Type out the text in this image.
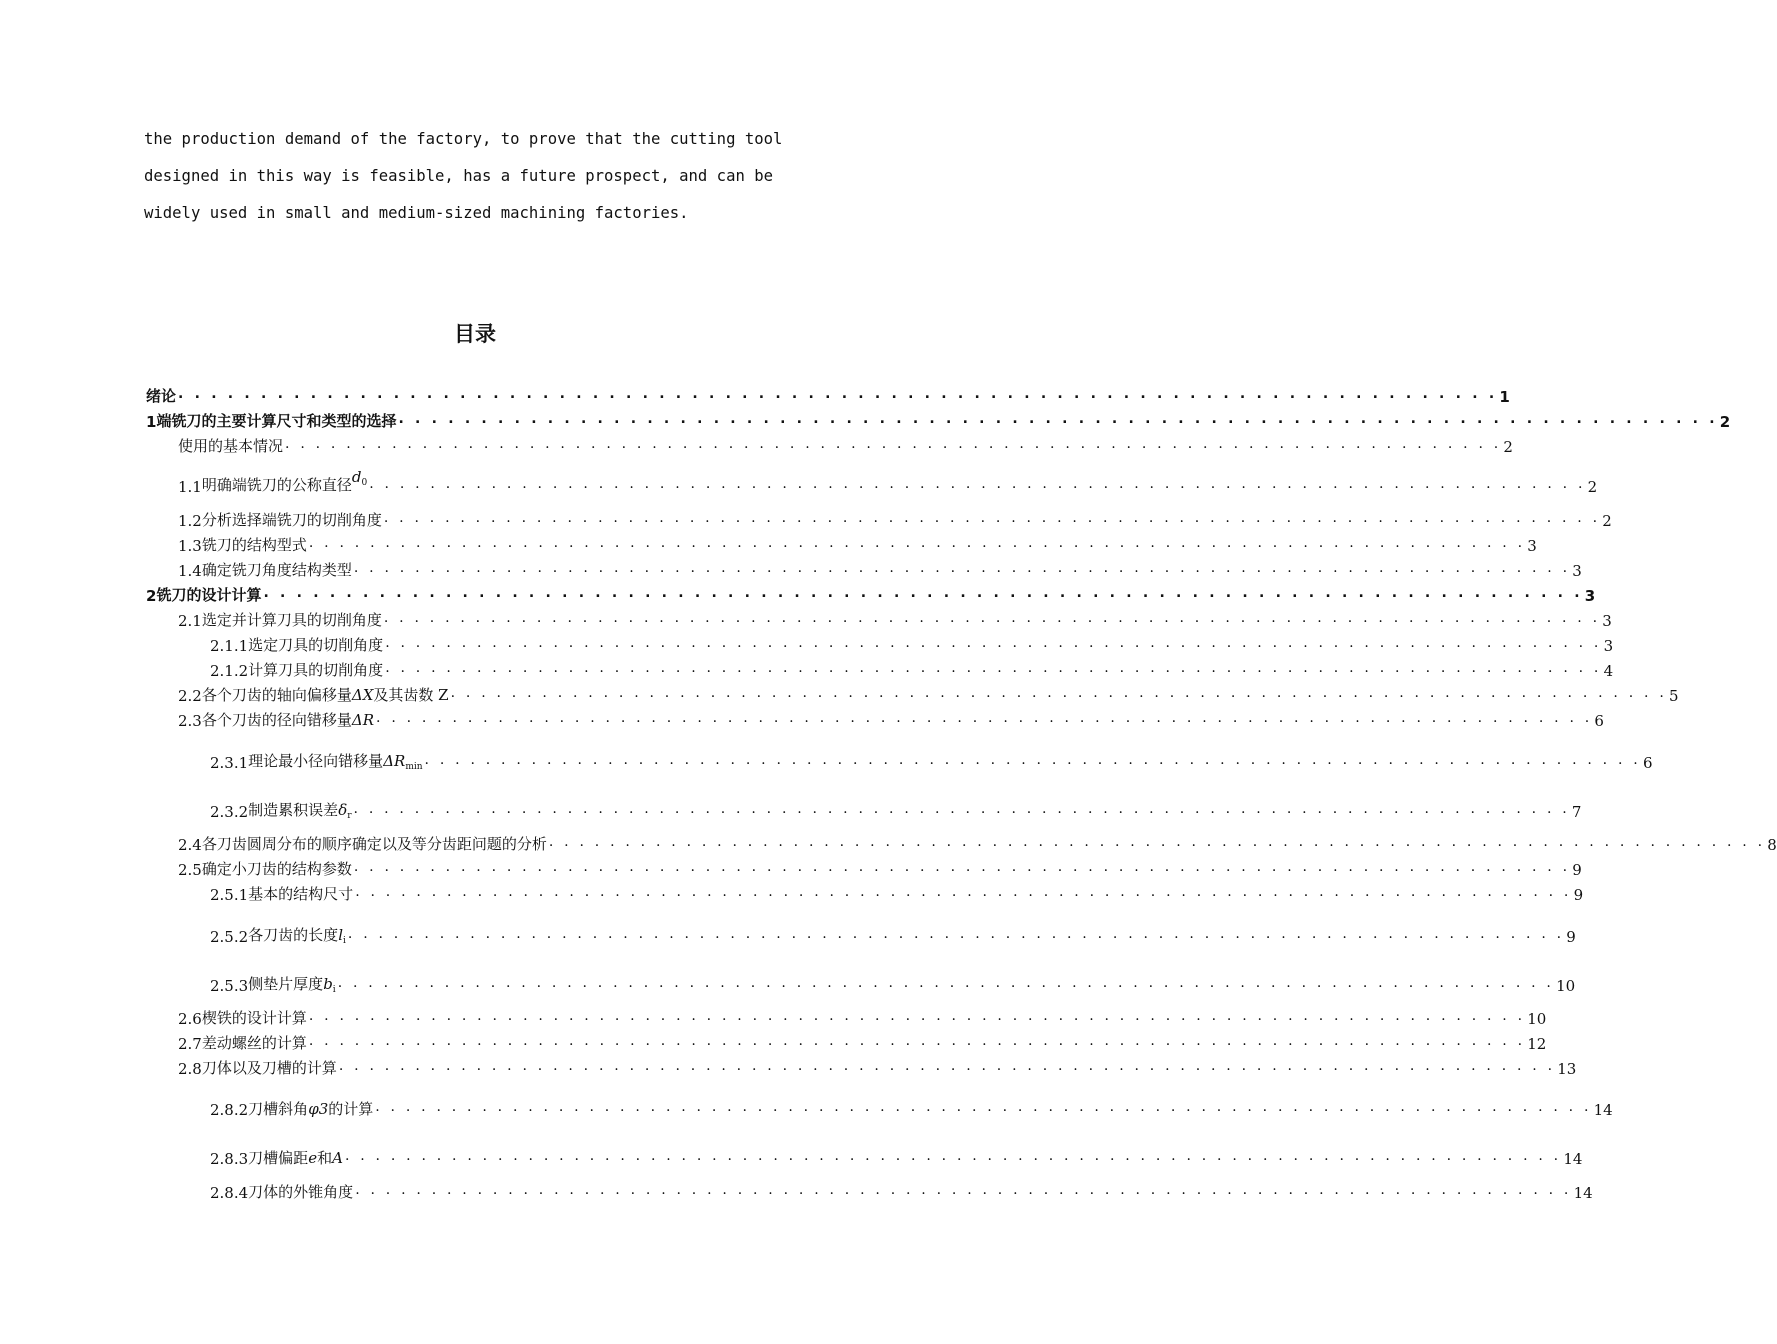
the production demand of the factory, to prove that the cutting tool
designed in this way is feasible, has a future prospect, and can be
widely used in small and medium-sized machining factories.
目录
绪论 . . . . . . . . . . . . . . . . . . . . . . . . . . . . . . . . . . . . . . . . . . . . . . . . . . . . . . . . . . . . . . . . . . . . . . . . . . . . . . . . 1
1 端铣刀的主要计算尺寸和类型的选择 . . . . . . . . . . . . . . . . . . . . . . . . . . . . . . . . . . . . . . . . . . . . . . . . . . . . . . . . . . . . . . . . . . . . . . . . . . . . . . . . 2
使用的基本情况 . . . . . . . . . . . . . . . . . . . . . . . . . . . . . . . . . . . . . . . . . . . . . . . . . . . . . . . . . . . . . . . . . . . . . . . . . . . . . . . . 2
1.1 明确端铣刀的公称直径$d_0$ . . . . . . . . . . . . . . . . . . . . . . . . . . . . . . . . . . . . . . . . . . . . . . . . . . . . . . . . . . . . . . . . . . . . . . . . . . . . . . . . 2
1.2 分析选择端铣刀的切削角度 . . . . . . . . . . . . . . . . . . . . . . . . . . . . . . . . . . . . . . . . . . . . . . . . . . . . . . . . . . . . . . . . . . . . . . . . . . . . . . . . 2
1.3 铣刀的结构型式 . . . . . . . . . . . . . . . . . . . . . . . . . . . . . . . . . . . . . . . . . . . . . . . . . . . . . . . . . . . . . . . . . . . . . . . . . . . . . . . . 3
1.4 确定铣刀角度结构类型 . . . . . . . . . . . . . . . . . . . . . . . . . . . . . . . . . . . . . . . . . . . . . . . . . . . . . . . . . . . . . . . . . . . . . . . . . . . . . . . . 3
2 铣刀的设计计算 . . . . . . . . . . . . . . . . . . . . . . . . . . . . . . . . . . . . . . . . . . . . . . . . . . . . . . . . . . . . . . . . . . . . . . . . . . . . . . . . 3
2.1 选定并计算刀具的切削角度 . . . . . . . . . . . . . . . . . . . . . . . . . . . . . . . . . . . . . . . . . . . . . . . . . . . . . . . . . . . . . . . . . . . . . . . . . . . . . . . . 3
2.1.1 选定刀具的切削角度 . . . . . . . . . . . . . . . . . . . . . . . . . . . . . . . . . . . . . . . . . . . . . . . . . . . . . . . . . . . . . . . . . . . . . . . . . . . . . . . . 3
2.1.2 计算刀具的切削角度 . . . . . . . . . . . . . . . . . . . . . . . . . . . . . . . . . . . . . . . . . . . . . . . . . . . . . . . . . . . . . . . . . . . . . . . . . . . . . . . . 4
2.2 各个刀齿的轴向偏移量ΔX及其齿数 Z . . . . . . . . . . . . . . . . . . . . . . . . . . . . . . . . . . . . . . . . . . . . . . . . . . . . . . . . . . . . . . . . . . . . . . . . . . . . . . . . 5
2.3 各个刀齿的径向错移量ΔR . . . . . . . . . . . . . . . . . . . . . . . . . . . . . . . . . . . . . . . . . . . . . . . . . . . . . . . . . . . . . . . . . . . . . . . . . . . . . . . . 6
2.3.1 理论最小径向错移量$\Delta R_{min}$ . . . . . . . . . . . . . . . . . . . . . . . . . . . . . . . . . . . . . . . . . . . . . . . . . . . . . . . . . . . . . . . . . . . . . . . . . . . . . . . . 6
2.3.2 制造累积误差$\delta_r$ . . . . . . . . . . . . . . . . . . . . . . . . . . . . . . . . . . . . . . . . . . . . . . . . . . . . . . . . . . . . . . . . . . . . . . . . . . . . . . . . 7
2.4 各刀齿圆周分布的顺序确定以及等分齿距问题的分析 . . . . . . . . . . . . . . . . . . . . . . . . . . . . . . . . . . . . . . . . . . . . . . . . . . . . . . . . . . . . . . . . . . . . . . . . . . . . . . . . 8
2.5 确定小刀齿的结构参数 . . . . . . . . . . . . . . . . . . . . . . . . . . . . . . . . . . . . . . . . . . . . . . . . . . . . . . . . . . . . . . . . . . . . . . . . . . . . . . . . 9
2.5.1 基本的结构尺寸 . . . . . . . . . . . . . . . . . . . . . . . . . . . . . . . . . . . . . . . . . . . . . . . . . . . . . . . . . . . . . . . . . . . . . . . . . . . . . . . . 9
2.5.2 各刀齿的长度$l_i$ . . . . . . . . . . . . . . . . . . . . . . . . . . . . . . . . . . . . . . . . . . . . . . . . . . . . . . . . . . . . . . . . . . . . . . . . . . . . . . . . 9
2.5.3 侧垫片厚度$b_i$ . . . . . . . . . . . . . . . . . . . . . . . . . . . . . . . . . . . . . . . . . . . . . . . . . . . . . . . . . . . . . . . . . . . . . . . . . . . . . . . . 10
2.6 楔铁的设计计算 . . . . . . . . . . . . . . . . . . . . . . . . . . . . . . . . . . . . . . . . . . . . . . . . . . . . . . . . . . . . . . . . . . . . . . . . . . . . . . . . 10
2.7 差动螺丝的计算 . . . . . . . . . . . . . . . . . . . . . . . . . . . . . . . . . . . . . . . . . . . . . . . . . . . . . . . . . . . . . . . . . . . . . . . . . . . . . . . . 12
2.8 刀体以及刀槽的计算 . . . . . . . . . . . . . . . . . . . . . . . . . . . . . . . . . . . . . . . . . . . . . . . . . . . . . . . . . . . . . . . . . . . . . . . . . . . . . . . . 13
2.8.2 刀槽斜角φ3的计算 . . . . . . . . . . . . . . . . . . . . . . . . . . . . . . . . . . . . . . . . . . . . . . . . . . . . . . . . . . . . . . . . . . . . . . . . . . . . . . . . 14
2.8.3 刀槽偏距e和A . . . . . . . . . . . . . . . . . . . . . . . . . . . . . . . . . . . . . . . . . . . . . . . . . . . . . . . . . . . . . . . . . . . . . . . . . . . . . . . . 14
2.8.4 刀体的外锥角度 . . . . . . . . . . . . . . . . . . . . . . . . . . . . . . . . . . . . . . . . . . . . . . . . . . . . . . . . . . . . . . . . . . . . . . . . . . . . . . . . 14
